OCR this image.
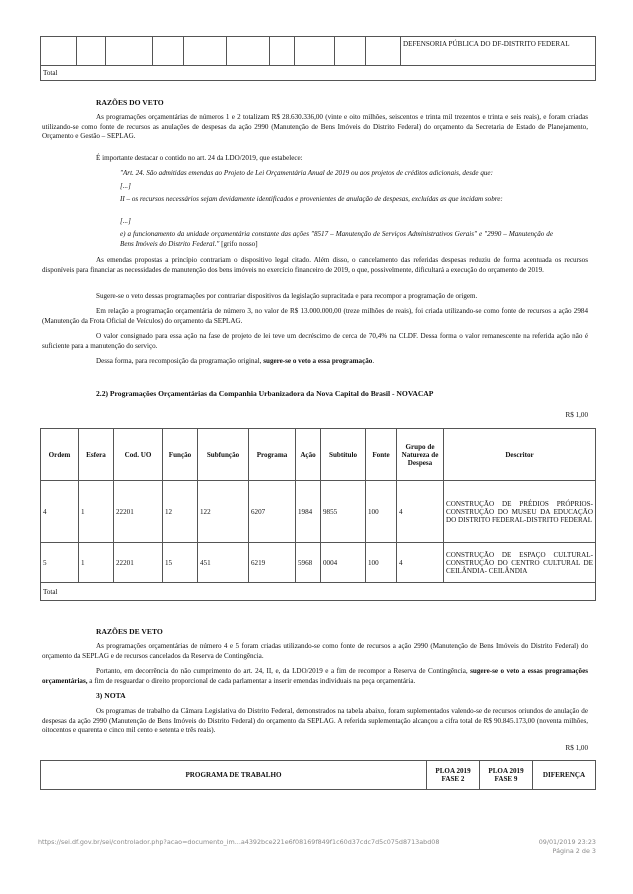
										DEFENSORIA PÚBLICA DO DF-DISTRITO FEDERAL
Total
RAZÕES DO VETO
As programações orçamentárias de números 1 e 2 totalizam R$ 28.630.336,00 (vinte e oito milhões, seiscentos e trinta mil trezentos e trinta e seis reais), e foram criadas utilizando-se como fonte de recursos as anulações de despesas da ação 2990 (Manutenção de Bens Imóveis do Distrito Federal) do orçamento da Secretaria de Estado de Planejamento, Orçamento e Gestão – SEPLAG.
É importante destacar o contido no art. 24 da LDO/2019, que estabelece:
"Art. 24. São admitidas emendas ao Projeto de Lei Orçamentária Anual de 2019 ou aos projetos de créditos adicionais, desde que:
[...]
II – os recursos necessários sejam devidamente identificados e provenientes de anulação de despesas, excluídas as que incidam sobre:
[...]
e) a funcionamento da unidade orçamentária constante das ações "8517 – Manutenção de Serviços Administrativos Gerais" e "2990 – Manutenção de Bens Imóveis do Distrito Federal." [grifo nosso]
As emendas propostas a princípio contrariam o dispositivo legal citado. Além disso, o cancelamento das referidas despesas reduziu de forma acentuada os recursos disponíveis para financiar as necessidades de manutenção dos bens imóveis no exercício financeiro de 2019, o que, possivelmente, dificultará a execução do orçamento de 2019.
Sugere-se o veto dessas programações por contrariar dispositivos da legislação supracitada e para recompor a programação de origem.
Em relação a programação orçamentária de número 3, no valor de R$ 13.000.000,00 (treze milhões de reais), foi criada utilizando-se como fonte de recursos a ação 2984 (Manutenção da Frota Oficial de Veículos) do orçamento da SEPLAG.
O valor consignado para essa ação na fase de projeto de lei teve um decréscimo de cerca de 70,4% na CLDF. Dessa forma o valor remanescente na referida ação não é suficiente para a manutenção do serviço.
Dessa forma, para recomposição da programação original, sugere-se o veto a essa programação.
2.2) Programações Orçamentárias da Companhia Urbanizadora da Nova Capital do Brasil - NOVACAP
R$ 1,00
Ordem	Esfera	Cod. UO	Função	Subfunção	Programa	Ação	Subtítulo	Fonte	Grupo de Natureza de Despesa	Descritor
4	1	22201	12	122	6207	1984	9855	100	4	CONSTRUÇÃO DE PRÉDIOS PRÓPRIOS-CONSTRUÇÃO DO MUSEU DA EDUCAÇÃO DO DISTRITO FEDERAL-DISTRITO FEDERAL
5	1	22201	15	451	6219	5968	0004	100	4	CONSTRUÇÃO DE ESPAÇO CULTURAL-CONSTRUÇÃO DO CENTRO CULTURAL DE CEILÂNDIA- CEILÂNDIA
Total										
RAZÕES DE VETO
As programações orçamentárias de número 4 e 5 foram criadas utilizando-se como fonte de recursos a ação 2990 (Manutenção de Bens Imóveis do Distrito Federal) do orçamento da SEPLAG e de recursos cancelados da Reserva de Contingência.
Portanto, em decorrência do não cumprimento do art. 24, II, e, da LDO/2019 e a fim de recompor a Reserva de Contingência, sugere-se o veto a essas programações orçamentárias, a fim de resguardar o direito proporcional de cada parlamentar a inserir emendas individuais na peça orçamentária.
3) NOTA
Os programas de trabalho da Câmara Legislativa do Distrito Federal, demonstrados na tabela abaixo, foram suplementados valendo-se de recursos oriundos de anulação de despesas da ação 2990 (Manutenção de Bens Imóveis do Distrito Federal) do orçamento da SEPLAG. A referida suplementação alcançou a cifra total de R$ 90.845.173,00 (noventa milhões, oitocentos e quarenta e cinco mil cento e setenta e três reais).
R$ 1,00
PROGRAMA DE TRABALHO	PLOA 2019 FASE 2	PLOA 2019 FASE 9	DIFERENÇA
https://sei.df.gov.br/sei/controlador.php?acao=documento_im...a4392bce221e6f08169f849f1c60d37cdc7d5c075d8713abd08	09/01/2019 23:23
Página 2 de 3
